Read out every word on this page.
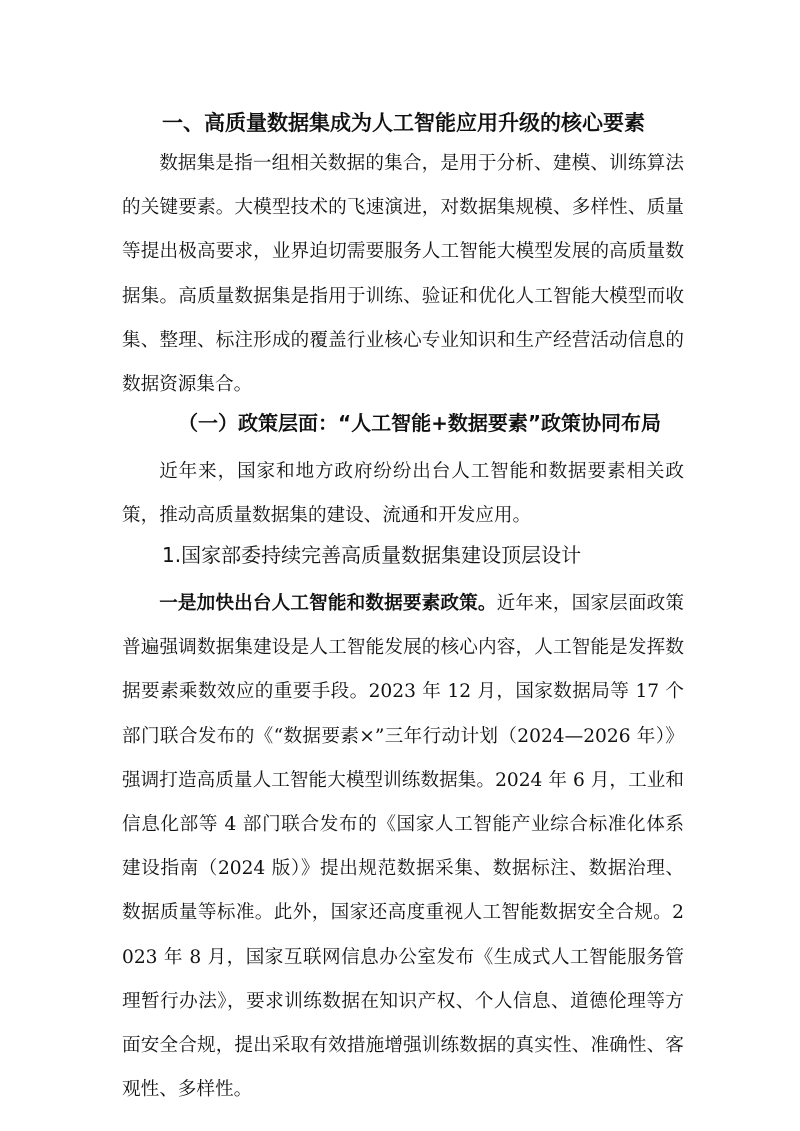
一、高质量数据集成为人工智能应用升级的核心要素

数据集是指一组相关数据的集合，是用于分析、建模、训练算法的关键要素。大模型技术的飞速演进，对数据集规模、多样性、质量等提出极高要求，业界迫切需要服务人工智能大模型发展的高质量数据集。高质量数据集是指用于训练、验证和优化人工智能大模型而收集、整理、标注形成的覆盖行业核心专业知识和生产经营活动信息的数据资源集合。

（一）政策层面：“人工智能+数据要素”政策协同布局

近年来，国家和地方政府纷纷出台人工智能和数据要素相关政策，推动高质量数据集的建设、流通和开发应用。

1.国家部委持续完善高质量数据集建设顶层设计

一是加快出台人工智能和数据要素政策。近年来，国家层面政策普遍强调数据集建设是人工智能发展的核心内容，人工智能是发挥数据要素乘数效应的重要手段。2023 年 12 月，国家数据局等 17 个部门联合发布的《“数据要素×”三年行动计划（2024—2026 年）》强调打造高质量人工智能大模型训练数据集。2024 年 6 月，工业和信息化部等 4 部门联合发布的《国家人工智能产业综合标准化体系建设指南（2024 版）》提出规范数据采集、数据标注、数据治理、数据质量等标准。此外，国家还高度重视人工智能数据安全合规。2023 年 8 月，国家互联网信息办公室发布《生成式人工智能服务管理暂行办法》，要求训练数据在知识产权、个人信息、道德伦理等方面安全合规，提出采取有效措施增强训练数据的真实性、准确性、客观性、多样性。
